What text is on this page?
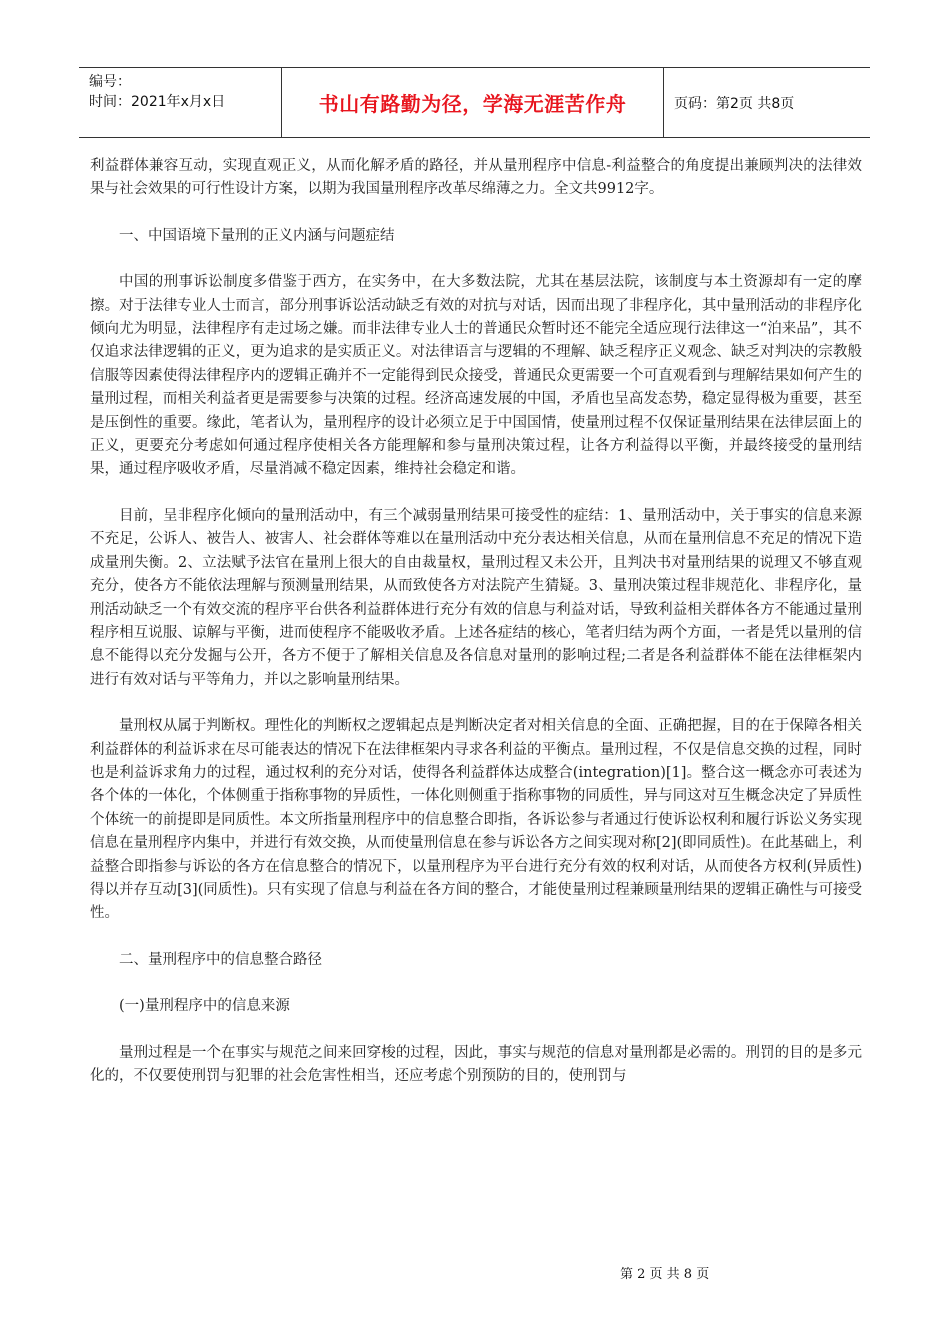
编号：
时间：2021年x月x日	书山有路勤为径，学海无涯苦作舟	页码：第2页 共8页

利益群体兼容互动，实现直观正义，从而化解矛盾的路径，并从量刑程序中信息-利益整合的角度提出兼顾判决的法律效果与社会效果的可行性设计方案，以期为我国量刑程序改革尽绵薄之力。全文共9912字。

一、中国语境下量刑的正义内涵与问题症结

中国的刑事诉讼制度多借鉴于西方，在实务中，在大多数法院，尤其在基层法院，该制度与本土资源却有一定的摩擦。对于法律专业人士而言，部分刑事诉讼活动缺乏有效的对抗与对话，因而出现了非程序化，其中量刑活动的非程序化倾向尤为明显，法律程序有走过场之嫌。而非法律专业人士的普通民众暂时还不能完全适应现行法律这一“泊来品”，其不仅追求法律逻辑的正义，更为追求的是实质正义。对法律语言与逻辑的不理解、缺乏程序正义观念、缺乏对判决的宗教般信服等因素使得法律程序内的逻辑正确并不一定能得到民众接受，普通民众更需要一个可直观看到与理解结果如何产生的量刑过程，而相关利益者更是需要参与决策的过程。经济高速发展的中国，矛盾也呈高发态势，稳定显得极为重要，甚至是压倒性的重要。缘此，笔者认为，量刑程序的设计必须立足于中国国情，使量刑过程不仅保证量刑结果在法律层面上的正义，更要充分考虑如何通过程序使相关各方能理解和参与量刑决策过程，让各方利益得以平衡，并最终接受的量刑结果，通过程序吸收矛盾，尽量消减不稳定因素，维持社会稳定和谐。

目前，呈非程序化倾向的量刑活动中，有三个减弱量刑结果可接受性的症结：1、量刑活动中，关于事实的信息来源不充足，公诉人、被告人、被害人、社会群体等难以在量刑活动中充分表达相关信息，从而在量刑信息不充足的情况下造成量刑失衡。2、立法赋予法官在量刑上很大的自由裁量权，量刑过程又未公开，且判决书对量刑结果的说理又不够直观充分，使各方不能依法理解与预测量刑结果，从而致使各方对法院产生猜疑。3、量刑决策过程非规范化、非程序化，量刑活动缺乏一个有效交流的程序平台供各利益群体进行充分有效的信息与利益对话，导致利益相关群体各方不能通过量刑程序相互说服、谅解与平衡，进而使程序不能吸收矛盾。上述各症结的核心，笔者归结为两个方面，一者是凭以量刑的信息不能得以充分发掘与公开，各方不便于了解相关信息及各信息对量刑的影响过程;二者是各利益群体不能在法律框架内进行有效对话与平等角力，并以之影响量刑结果。

量刑权从属于判断权。理性化的判断权之逻辑起点是判断决定者对相关信息的全面、正确把握，目的在于保障各相关利益群体的利益诉求在尽可能表达的情况下在法律框架内寻求各利益的平衡点。量刑过程，不仅是信息交换的过程，同时也是利益诉求角力的过程，通过权利的充分对话，使得各利益群体达成整合(integration)[1]。整合这一概念亦可表述为各个体的一体化，个体侧重于指称事物的异质性，一体化则侧重于指称事物的同质性，异与同这对互生概念决定了异质性个体统一的前提即是同质性。本文所指量刑程序中的信息整合即指，各诉讼参与者通过行使诉讼权利和履行诉讼义务实现信息在量刑程序内集中，并进行有效交换，从而使量刑信息在参与诉讼各方之间实现对称[2](即同质性)。在此基础上，利益整合即指参与诉讼的各方在信息整合的情况下，以量刑程序为平台进行充分有效的权利对话，从而使各方权利(异质性)得以并存互动[3](同质性)。只有实现了信息与利益在各方间的整合，才能使量刑过程兼顾量刑结果的逻辑正确性与可接受性。

二、量刑程序中的信息整合路径

(一)量刑程序中的信息来源

量刑过程是一个在事实与规范之间来回穿梭的过程，因此，事实与规范的信息对量刑都是必需的。刑罚的目的是多元化的，不仅要使刑罚与犯罪的社会危害性相当，还应考虑个别预防的目的，使刑罚与

第 2 页 共 8 页
